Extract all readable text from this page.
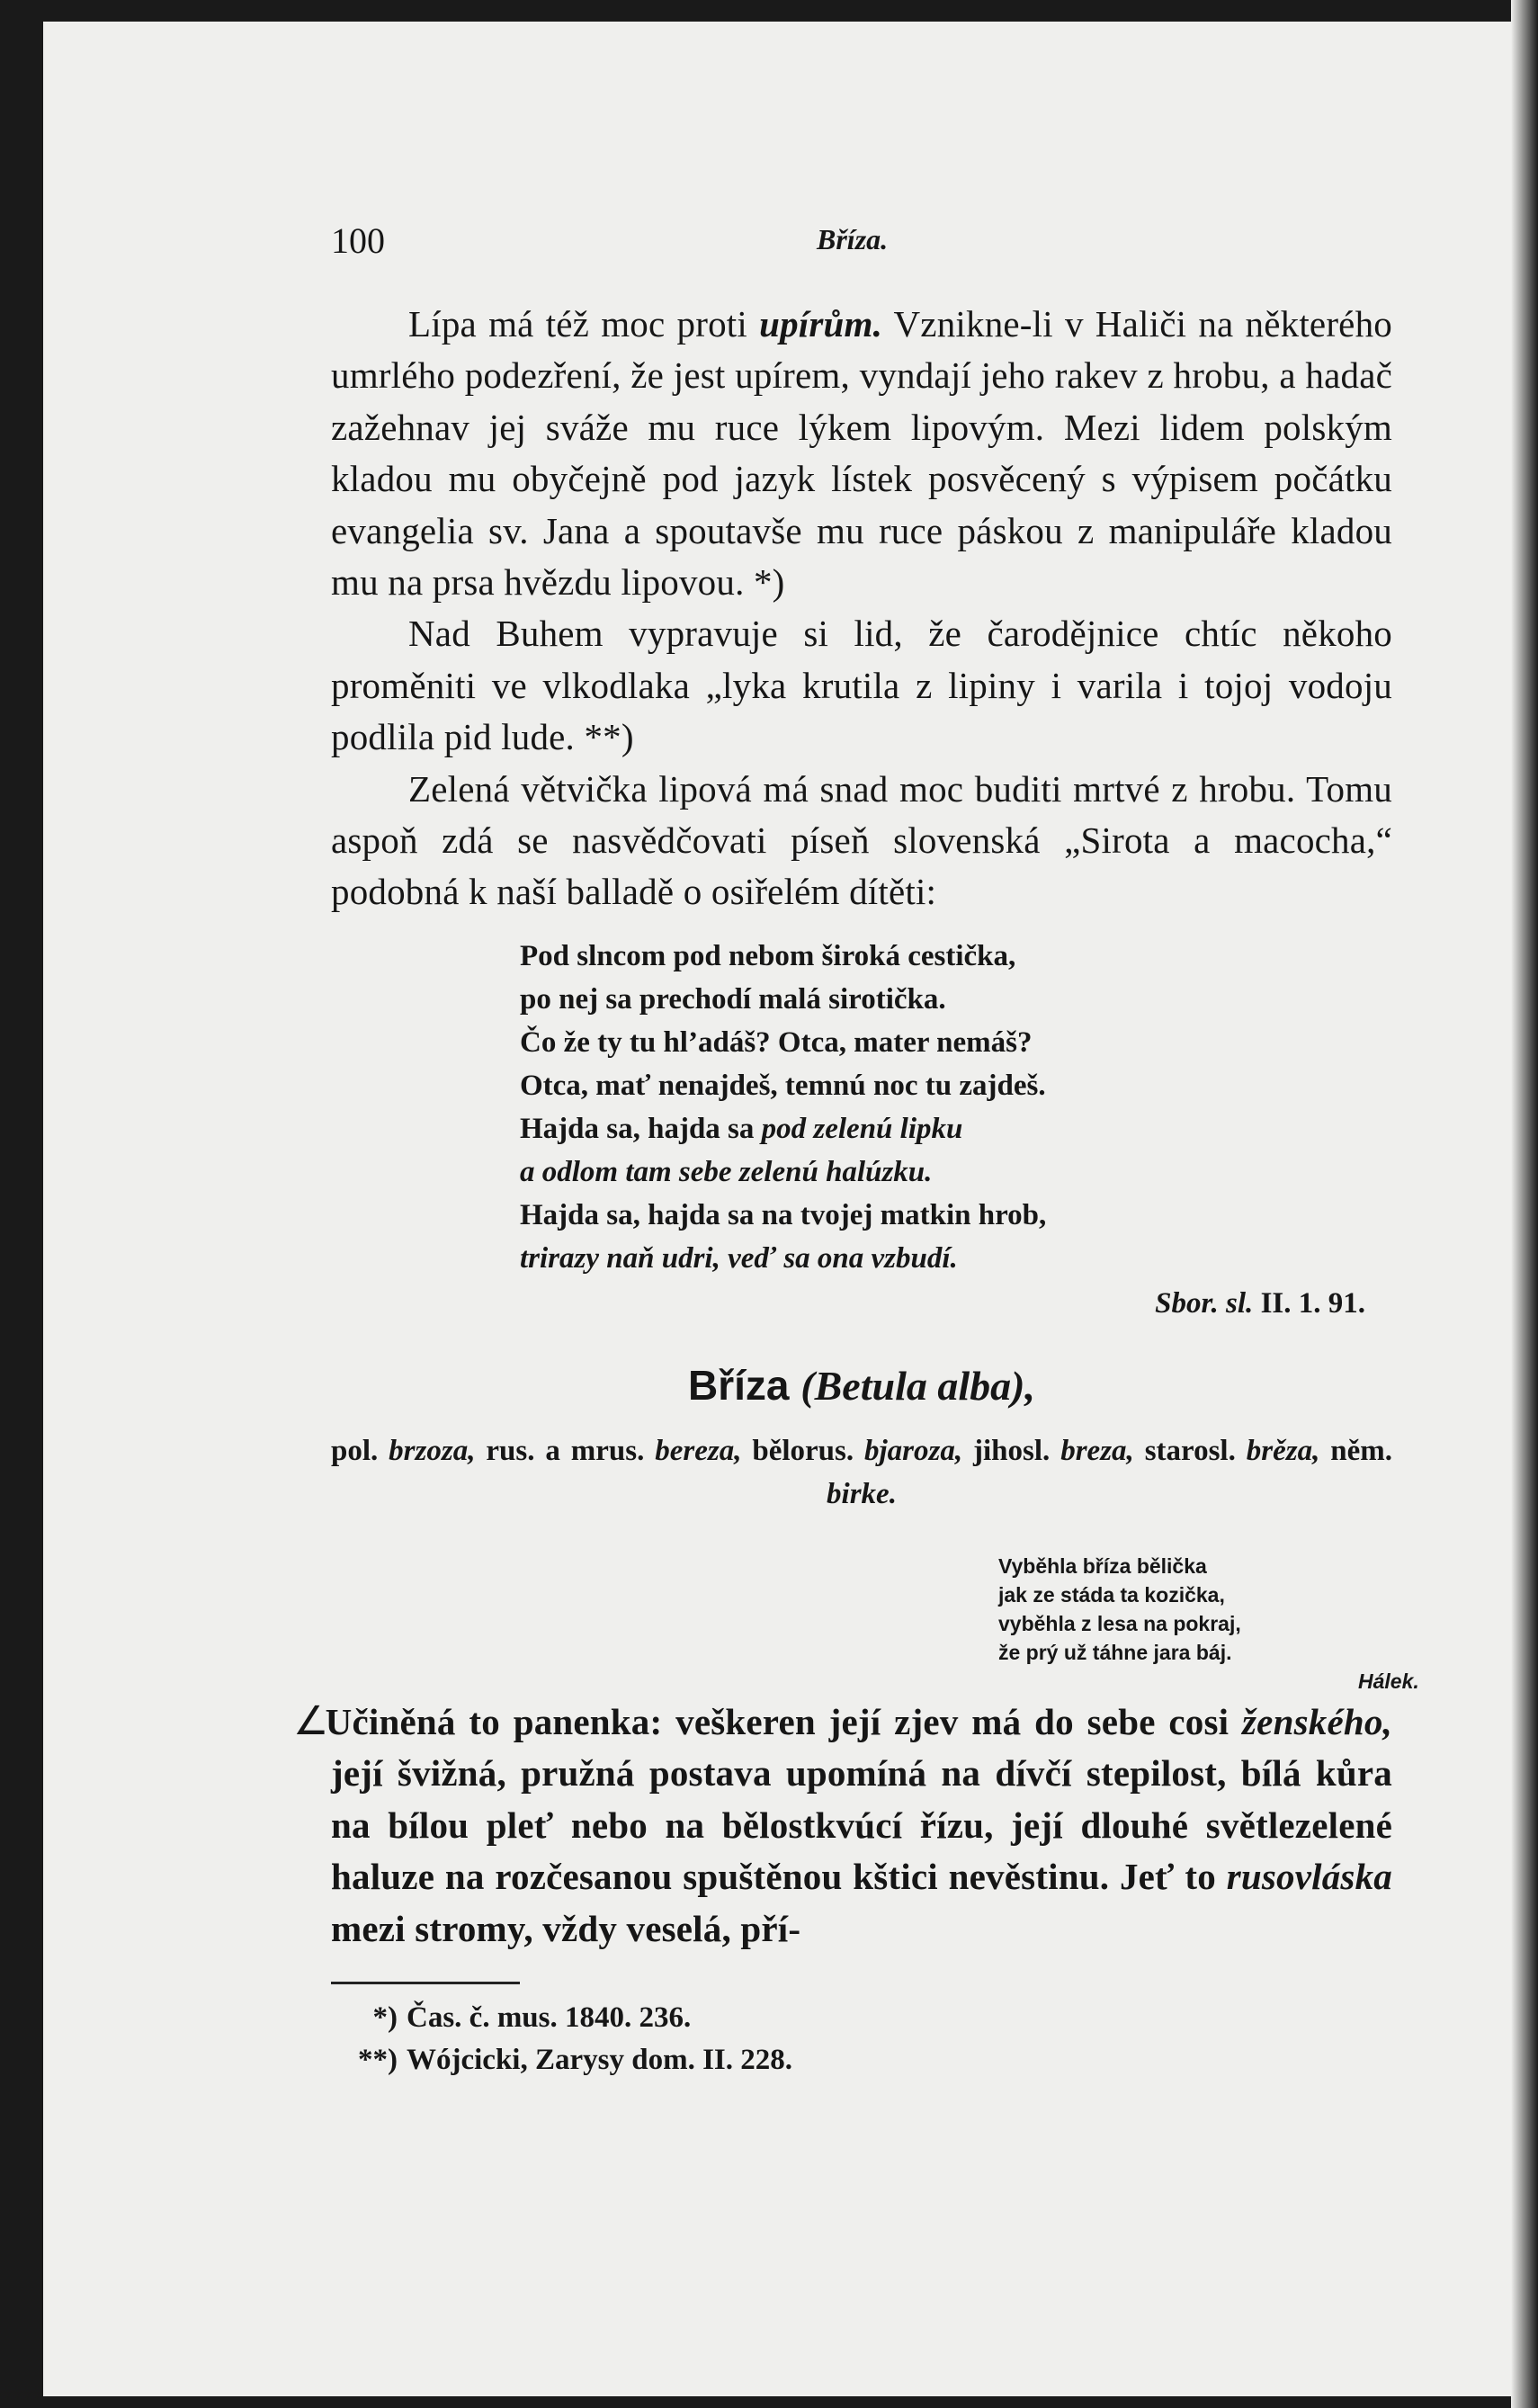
100	Bříza.

Lípa má též moc proti upírům. Vznikne-li v Haliči na některého umrlého podezření, že jest upírem, vyndají jeho rakev z hrobu, a hadač zažehnav jej sváže mu ruce lýkem lipovým. Mezi lidem polským kladou mu obyčejně pod jazyk lístek posvěcený s výpisem počátku evangelia sv. Jana a spoutavše mu ruce páskou z manipuláře kladou mu na prsa hvězdu lipovou. *)

Nad Buhem vypravuje si lid, že čarodějnice chtíc někoho proměniti ve vlkodlaka „lyka krutila z lipiny i varila i tojoj vodoju podlila pid lude. **)

Zelená větvička lipová má snad moc buditi mrtvé z hrobu. Tomu aspoň zdá se nasvědčovati píseň slovenská „Sirota a macocha,“ podobná k naší balladě o osiřelém dítěti:

Pod slncom pod nebom široká cestička,
po nej sa prechodí malá sirotička.
Čo že ty tu hl’adáš? Otca, mater nemáš?
Otca, mať nenajdeš, temnú noc tu zajdeš.
Hajda sa, hajda sa pod zelenú lipku
a odlom tam sebe zelenú halúzku.
Hajda sa, hajda sa na tvojej matkin hrob,
trirazy naň udri, veď sa ona vzbudí.
Sbor. sl. II. 1. 91.
Bříza (Betula alba),
pol. brzoza, rus. a mrus. bereza, bělorus. bjaroza, jihosl. breza, starosl. brěza, něm. birke.
Vyběhla bříza bělička
jak ze stáda ta kozička,
vyběhla z lesa na pokraj,
že prý už táhne jara báj.
Hálek.

∠Učiněná to panenka: veškeren její zjev má do sebe cosi ženského, její švižná, pružná postava upomíná na dívčí stepilost, bílá kůra na bílou pleť nebo na bělostkvúcí řízu, její dlouhé světlezelené haluze na rozčesanou spuštěnou kštici nevěstinu. Jeť to rusovláska mezi stromy, vždy veselá, pří-

*) Čas. č. mus. 1840. 236.
**) Wójcicki, Zarysy dom. II. 228.
